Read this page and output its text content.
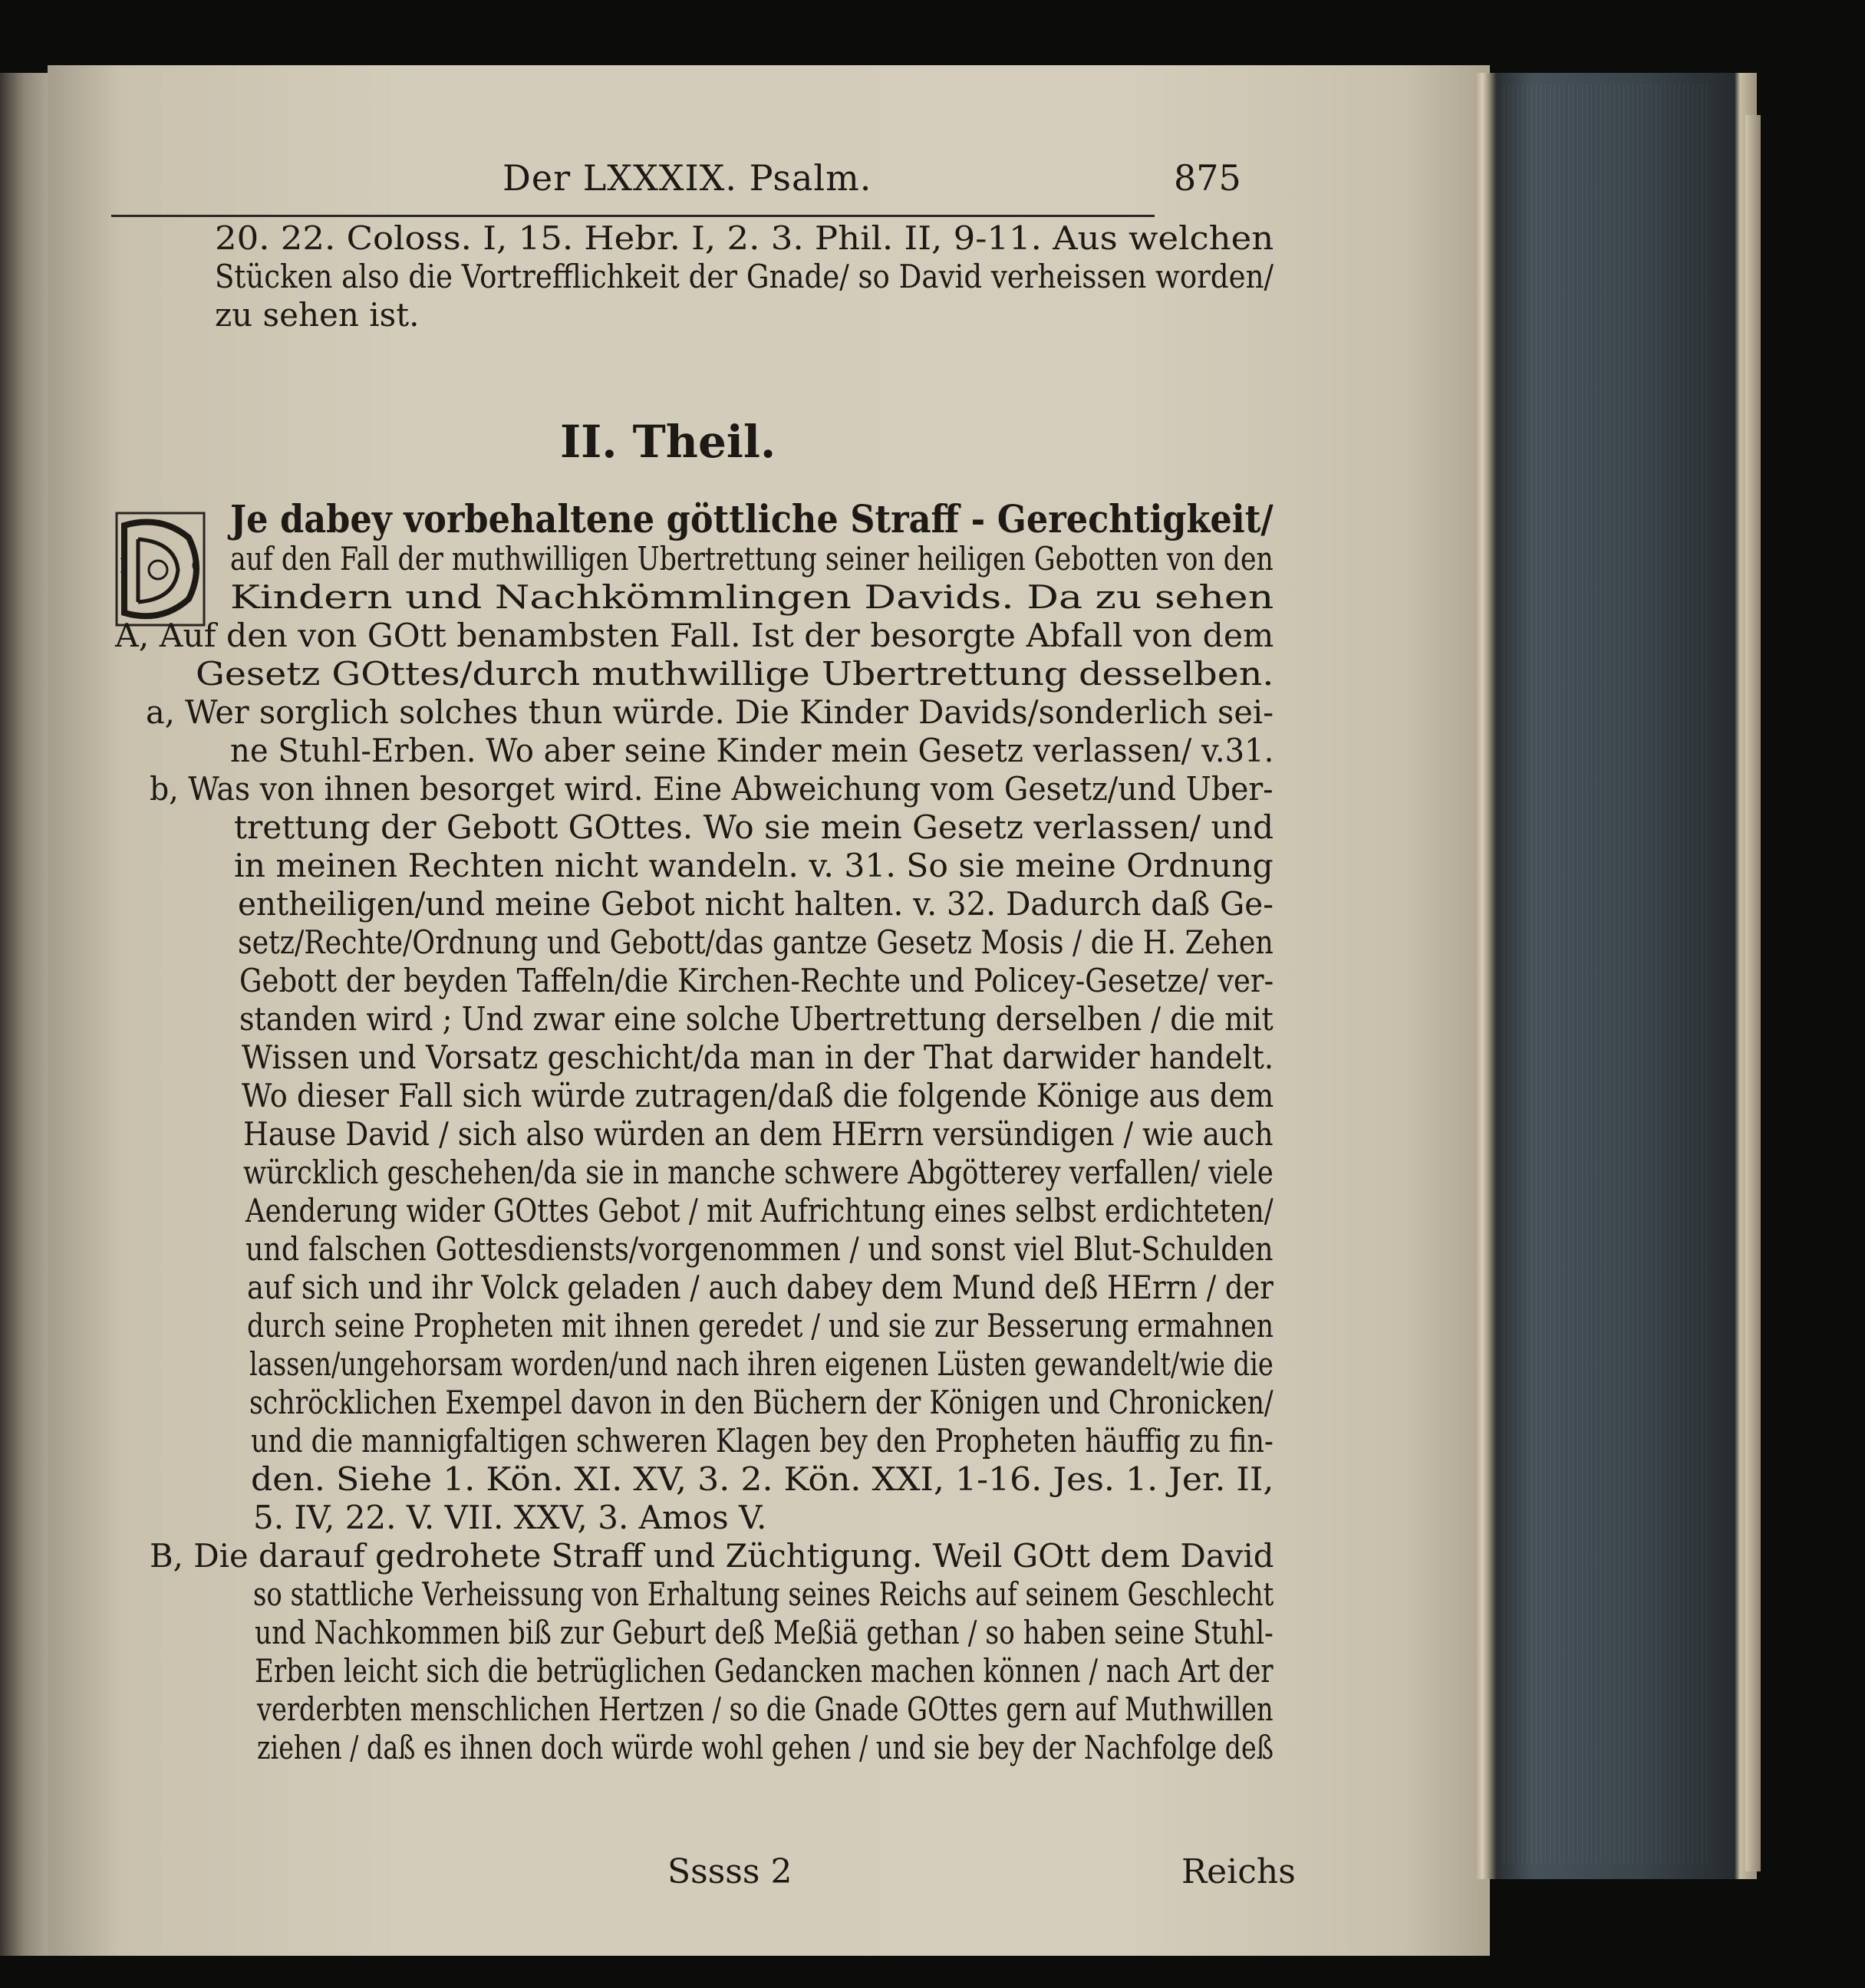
Der LXXXIX. Psalm.	875
20. 22. Coloss. I, 15. Hebr. I, 2. 3. Phil. II, 9-11. Aus welchen
Stücken also die Vortrefflichkeit der Gnade/ so David verheissen worden/
zu sehen ist.
II. Theil.
Je dabey vorbehaltene göttliche Straff - Gerechtigkeit/
auf den Fall der muthwilligen Ubertrettung seiner heiligen Gebotten von den
Kindern und Nachkömmlingen Davids. Da zu sehen
A, Auf den von GOtt benambsten Fall. Ist der besorgte Abfall von dem
Gesetz GOttes/durch muthwillige Ubertrettung desselben.
a, Wer sorglich solches thun würde. Die Kinder Davids/sonderlich sei-
ne Stuhl-Erben. Wo aber seine Kinder mein Gesetz verlassen/ v.31.
b, Was von ihnen besorget wird. Eine Abweichung vom Gesetz/und Uber-
trettung der Gebott GOttes. Wo sie mein Gesetz verlassen/ und
in meinen Rechten nicht wandeln. v. 31. So sie meine Ordnung
entheiligen/und meine Gebot nicht halten. v. 32. Dadurch daß Ge-
setz/Rechte/Ordnung und Gebott/das gantze Gesetz Mosis / die H. Zehen
Gebott der beyden Taffeln/die Kirchen-Rechte und Policey-Gesetze/ ver-
standen wird ; Und zwar eine solche Ubertrettung derselben / die mit
Wissen und Vorsatz geschicht/da man in der That darwider handelt.
Wo dieser Fall sich würde zutragen/daß die folgende Könige aus dem
Hause David / sich also würden an dem HErrn versündigen / wie auch
würcklich geschehen/da sie in manche schwere Abgötterey verfallen/ viele
Aenderung wider GOttes Gebot / mit Aufrichtung eines selbst erdichteten/
und falschen Gottesdiensts/vorgenommen / und sonst viel Blut-Schulden
auf sich und ihr Volck geladen / auch dabey dem Mund deß HErrn / der
durch seine Propheten mit ihnen geredet / und sie zur Besserung ermahnen
lassen/ungehorsam worden/und nach ihren eigenen Lüsten gewandelt/wie die
schröcklichen Exempel davon in den Büchern der Königen und Chronicken/
und die mannigfaltigen schweren Klagen bey den Propheten häuffig zu fin-
den. Siehe 1. Kön. XI. XV, 3. 2. Kön. XXI, 1-16. Jes. 1. Jer. II,
5. IV, 22. V. VII. XXV, 3. Amos V.
B, Die darauf gedrohete Straff und Züchtigung. Weil GOtt dem David
so stattliche Verheissung von Erhaltung seines Reichs auf seinem Geschlecht
und Nachkommen biß zur Geburt deß Meßiä gethan / so haben seine Stuhl-
Erben leicht sich die betrüglichen Gedancken machen können / nach Art der
verderbten menschlichen Hertzen / so die Gnade GOttes gern auf Muthwillen
ziehen / daß es ihnen doch würde wohl gehen / und sie bey der Nachfolge deß
Sssss 2	Reichs
